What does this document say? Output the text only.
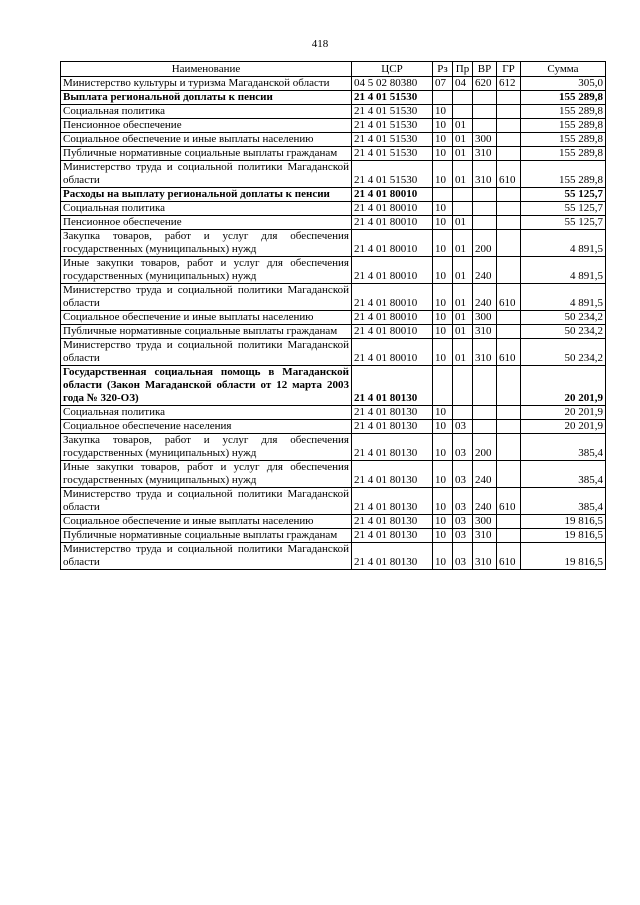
418
Наименование	ЦСР	Рз	Пр	ВР	ГР	Сумма
Министерство культуры и туризма Магаданской области	04 5 02 80380	07	04	620	612	305,0
Выплата региональной доплаты к пенсии	21 4 01 51530					155 289,8
Социальная политика	21 4 01 51530	10				155 289,8
Пенсионное обеспечение	21 4 01 51530	10	01			155 289,8
Социальное обеспечение и иные выплаты населению	21 4 01 51530	10	01	300		155 289,8
Публичные нормативные социальные выплаты гражданам	21 4 01 51530	10	01	310		155 289,8
Министерство труда и социальной политики Магаданской области	21 4 01 51530	10	01	310	610	155 289,8
Расходы на выплату региональной доплаты к пенсии	21 4 01 80010					55 125,7
Социальная политика	21 4 01 80010	10				55 125,7
Пенсионное обеспечение	21 4 01 80010	10	01			55 125,7
Закупка товаров, работ и услуг для обеспечения государственных (муниципальных) нужд	21 4 01 80010	10	01	200		4 891,5
Иные закупки товаров, работ и услуг для обеспечения государственных (муниципальных) нужд	21 4 01 80010	10	01	240		4 891,5
Министерство труда и социальной политики Магаданской области	21 4 01 80010	10	01	240	610	4 891,5
Социальное обеспечение и иные выплаты населению	21 4 01 80010	10	01	300		50 234,2
Публичные нормативные социальные выплаты гражданам	21 4 01 80010	10	01	310		50 234,2
Министерство труда и социальной политики Магаданской области	21 4 01 80010	10	01	310	610	50 234,2
Государственная социальная помощь в Магаданской области (Закон Магаданской области от 12 марта 2003 года № 320-ОЗ)	21 4 01 80130					20 201,9
Социальная политика	21 4 01 80130	10				20 201,9
Социальное обеспечение населения	21 4 01 80130	10	03			20 201,9
Закупка товаров, работ и услуг для обеспечения государственных (муниципальных) нужд	21 4 01 80130	10	03	200		385,4
Иные закупки товаров, работ и услуг для обеспечения государственных (муниципальных) нужд	21 4 01 80130	10	03	240		385,4
Министерство труда и социальной политики Магаданской области	21 4 01 80130	10	03	240	610	385,4
Социальное обеспечение и иные выплаты населению	21 4 01 80130	10	03	300		19 816,5
Публичные нормативные социальные выплаты гражданам	21 4 01 80130	10	03	310		19 816,5
Министерство труда и социальной политики Магаданской области	21 4 01 80130	10	03	310	610	19 816,5
